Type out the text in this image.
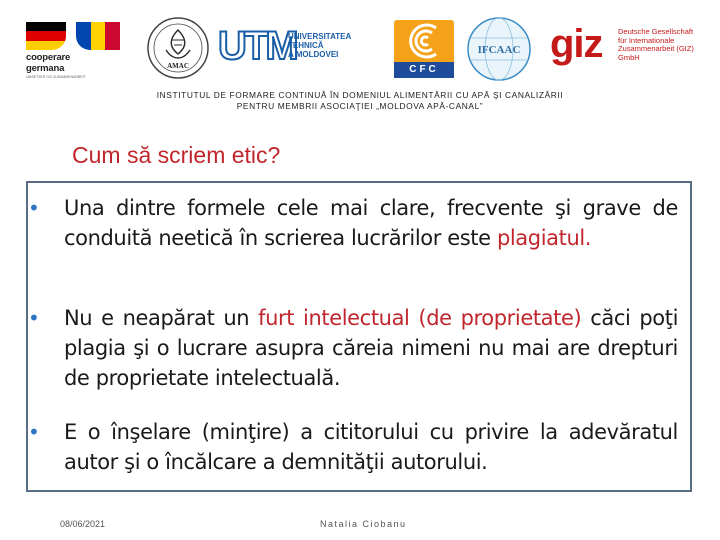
cooperare
germana
UMSETZER GIZ ZUSAMMENARBEIT
AMAC UTM
UNIVERSITATEA TEHNICĂ
A MOLDOVEI
CFC
IFCAAC giz Deutsche Gesellschaft
für Internationale
Zusammenarbeit (GIZ) GmbH
INSTITUTUL DE FORMARE CONTINUĂ ÎN DOMENIUL ALIMENTĂRII CU APĂ ŞI CANALIZĂRII
PENTRU MEMBRII ASOCIAŢIEI „MOLDOVA APĂ-CANAL”
Cum să scriem etic?
•	Una dintre formele cele mai clare, frecvente şi grave de conduită neetică în scrierea lucrărilor este plagiatul.
•	Nu e neapărat un furt intelectual (de proprietate) căci poţi plagia şi o lucrare asupra căreia nimeni nu mai are drepturi de proprietate intelectuală.
•	E o înşelare (minţire) a cititorului cu privire la adevăratul autor şi o încălcare a demnităţii autorului.
08/06/2021	Natalia Ciobanu
